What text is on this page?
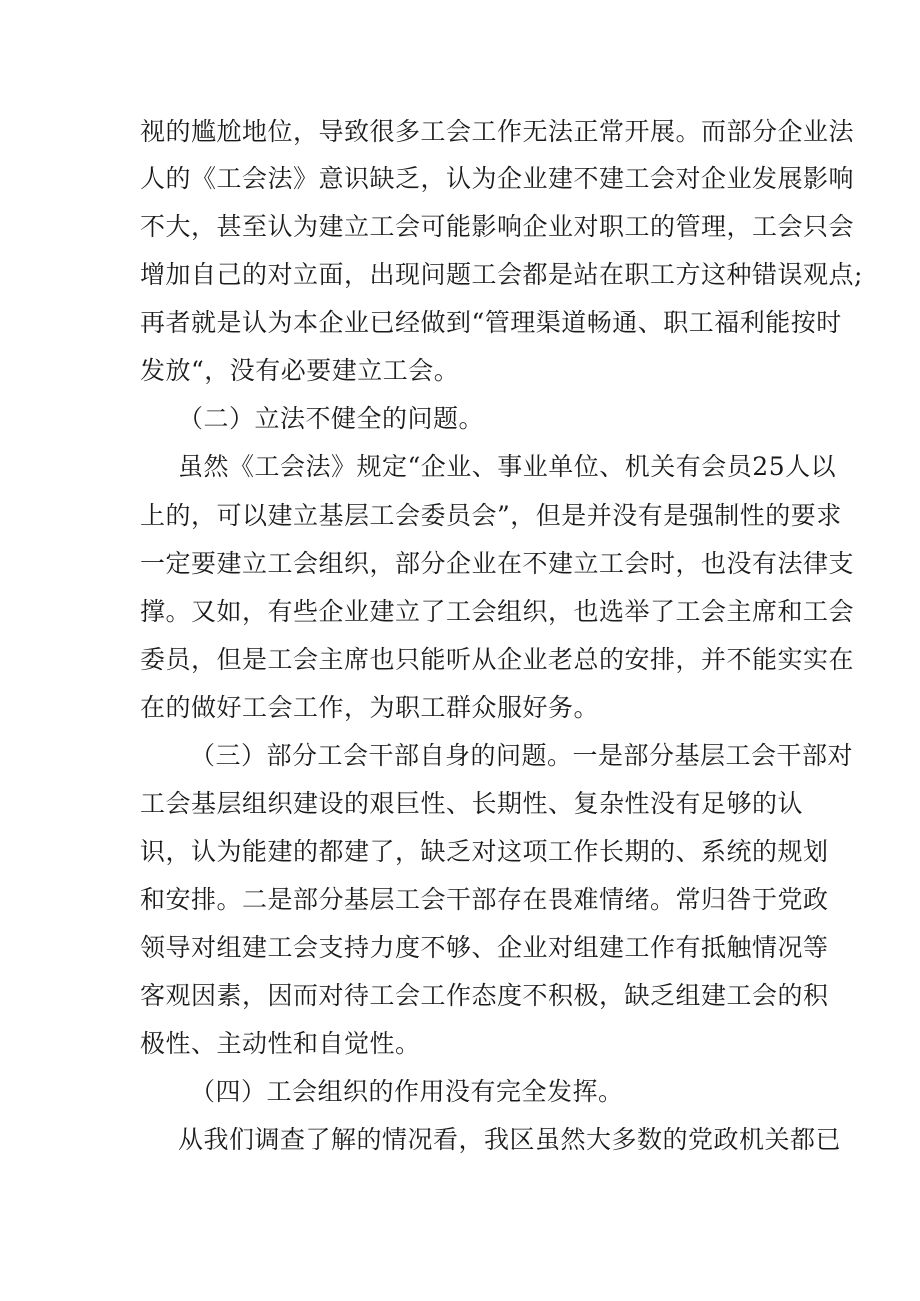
视的尴尬地位，导致很多工会工作无法正常开展。而部分企业法
人的《工会法》意识缺乏，认为企业建不建工会对企业发展影响
不大，甚至认为建立工会可能影响企业对职工的管理，工会只会
增加自己的对立面，出现问题工会都是站在职工方这种错误观点;
再者就是认为本企业已经做到“管理渠道畅通、职工福利能按时
发放“，没有必要建立工会。
（二）立法不健全的问题。
虽然《工会法》规定“企业、事业单位、机关有会员25人以
上的，可以建立基层工会委员会”，但是并没有是强制性的要求
一定要建立工会组织，部分企业在不建立工会时，也没有法律支
撑。又如，有些企业建立了工会组织，也选举了工会主席和工会
委员，但是工会主席也只能听从企业老总的安排，并不能实实在
在的做好工会工作，为职工群众服好务。
（三）部分工会干部自身的问题。一是部分基层工会干部对
工会基层组织建设的艰巨性、长期性、复杂性没有足够的认
识，认为能建的都建了，缺乏对这项工作长期的、系统的规划
和安排。二是部分基层工会干部存在畏难情绪。常归咎于党政
领导对组建工会支持力度不够、企业对组建工作有抵触情况等
客观因素，因而对待工会工作态度不积极，缺乏组建工会的积
极性、主动性和自觉性。
（四）工会组织的作用没有完全发挥。
从我们调查了解的情况看，我区虽然大多数的党政机关都已
